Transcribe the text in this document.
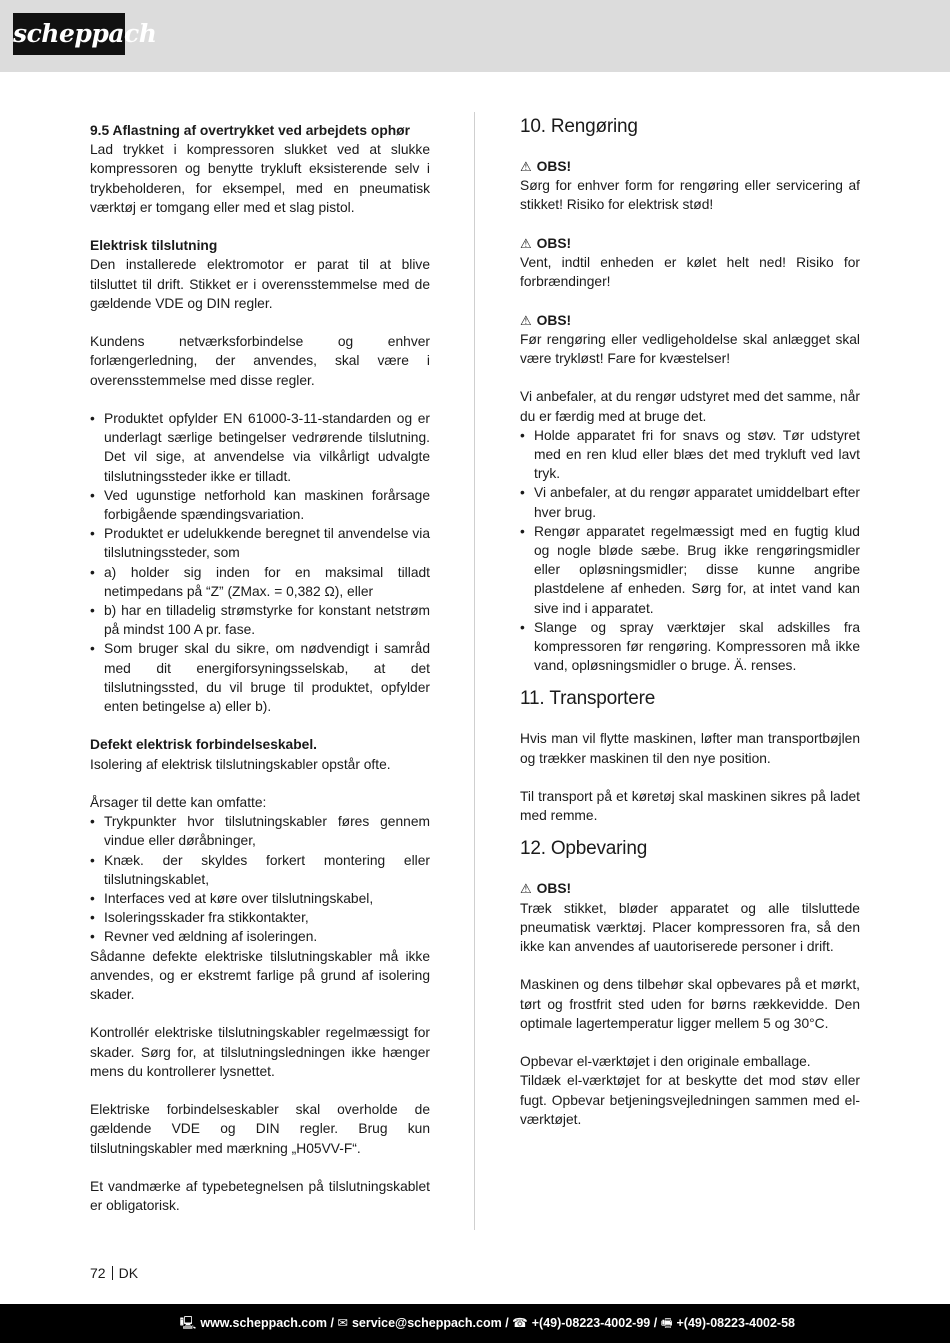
scheppach

9.5 Aflastning af overtrykket ved arbejdets ophør

Lad trykket i kompressoren slukket ved at slukke kompressoren og benytte trykluft eksisterende selv i trykbeholderen, for eksempel, med en pneumatisk værktøj er tomgang eller med et slag pistol.

Elektrisk tilslutning

Den installerede elektromotor er parat til at blive tilsluttet til drift. Stikket er i overensstemmelse med de gældende VDE og DIN regler.

Kundens netværksforbindelse og enhver forlængerledning, der anvendes, skal være i overensstemmelse med disse regler.

• Produktet opfylder EN 61000-3-11-standarden og er underlagt særlige betingelser vedrørende tilslutning. Det vil sige, at anvendelse via vilkårligt udvalgte tilslutningssteder ikke er tilladt.
• Ved ugunstige netforhold kan maskinen forårsage forbigående spændingsvariation.
• Produktet er udelukkende beregnet til anvendelse via tilslutningssteder, som
• a) holder sig inden for en maksimal tilladt netimpedans på “Z” (ZMax. = 0,382 Ω), eller
• b) har en tilladelig strømstyrke for konstant netstrøm på mindst 100 A pr. fase.
• Som bruger skal du sikre, om nødvendigt i samråd med dit energiforsyningsselskab, at det tilslutningssted, du vil bruge til produktet, opfylder enten betingelse a) eller b).

Defekt elektrisk forbindelseskabel.

Isolering af elektrisk tilslutningskabler opstår ofte.

Årsager til dette kan omfatte:

• Trykpunkter hvor tilslutningskabler føres gennem vindue eller døråbninger,
• Knæk. der skyldes forkert montering eller tilslutningskablet,
• Interfaces ved at køre over tilslutningskabel,
• Isoleringsskader fra stikkontakter,
• Revner ved ældning af isoleringen.

Sådanne defekte elektriske tilslutningskabler må ikke anvendes, og er ekstremt farlige på grund af isolering skader.

Kontrollér elektriske tilslutningskabler regelmæssigt for skader. Sørg for, at tilslutningsledningen ikke hænger mens du kontrollerer lysnettet.

Elektriske forbindelseskabler skal overholde de gældende VDE og DIN regler. Brug kun tilslutningskabler med mærkning „H05VV-F“.

Et vandmærke af typebetegnelsen på tilslutningskablet er obligatorisk.

10. Rengøring
⚠ OBS!

Sørg for enhver form for rengøring eller servicering af stikket! Risiko for elektrisk stød!

⚠ OBS!

Vent, indtil enheden er kølet helt ned! Risiko for forbrændinger!

⚠ OBS!

Før rengøring eller vedligeholdelse skal anlægget skal være trykløst! Fare for kvæstelser!

Vi anbefaler, at du rengør udstyret med det samme, når du er færdig med at bruge det.

• Holde apparatet fri for snavs og støv. Tør udstyret med en ren klud eller blæs det med trykluft ved lavt tryk.
• Vi anbefaler, at du rengør apparatet umiddelbart efter hver brug.
• Rengør apparatet regelmæssigt med en fugtig klud og nogle bløde sæbe. Brug ikke rengøringsmidler eller opløsningsmidler; disse kunne angribe plastdelene af enheden. Sørg for, at intet vand kan sive ind i apparatet.
• Slange og spray værktøjer skal adskilles fra kompressoren før rengøring. Kompressoren må ikke vand, opløsningsmidler o bruge. Ä. renses.
11. Transportere

Hvis man vil flytte maskinen, løfter man transportbøjlen og trækker maskinen til den nye position.

Til transport på et køretøj skal maskinen sikres på ladet med remme.

12. Opbevaring
⚠ OBS!

Træk stikket, bløder apparatet og alle tilsluttede pneumatisk værktøj. Placer kompressoren fra, så den ikke kan anvendes af uautoriserede personer i drift.

Maskinen og dens tilbehør skal opbevares på et mørkt, tørt og frostfrit sted uden for børns rækkevidde. Den optimale lagertemperatur ligger mellem 5 og 30°C.

Opbevar el-værktøjet i den originale emballage.

Tildæk el-værktøjet for at beskytte det mod støv eller fugt. Opbevar betjeningsvejledningen sammen med el-værktøjet.

72 DK
🖳 www.scheppach.com / ✉ service@scheppach.com / ☎ +(49)-08223-4002-99 / 🖷 +(49)-08223-4002-58
